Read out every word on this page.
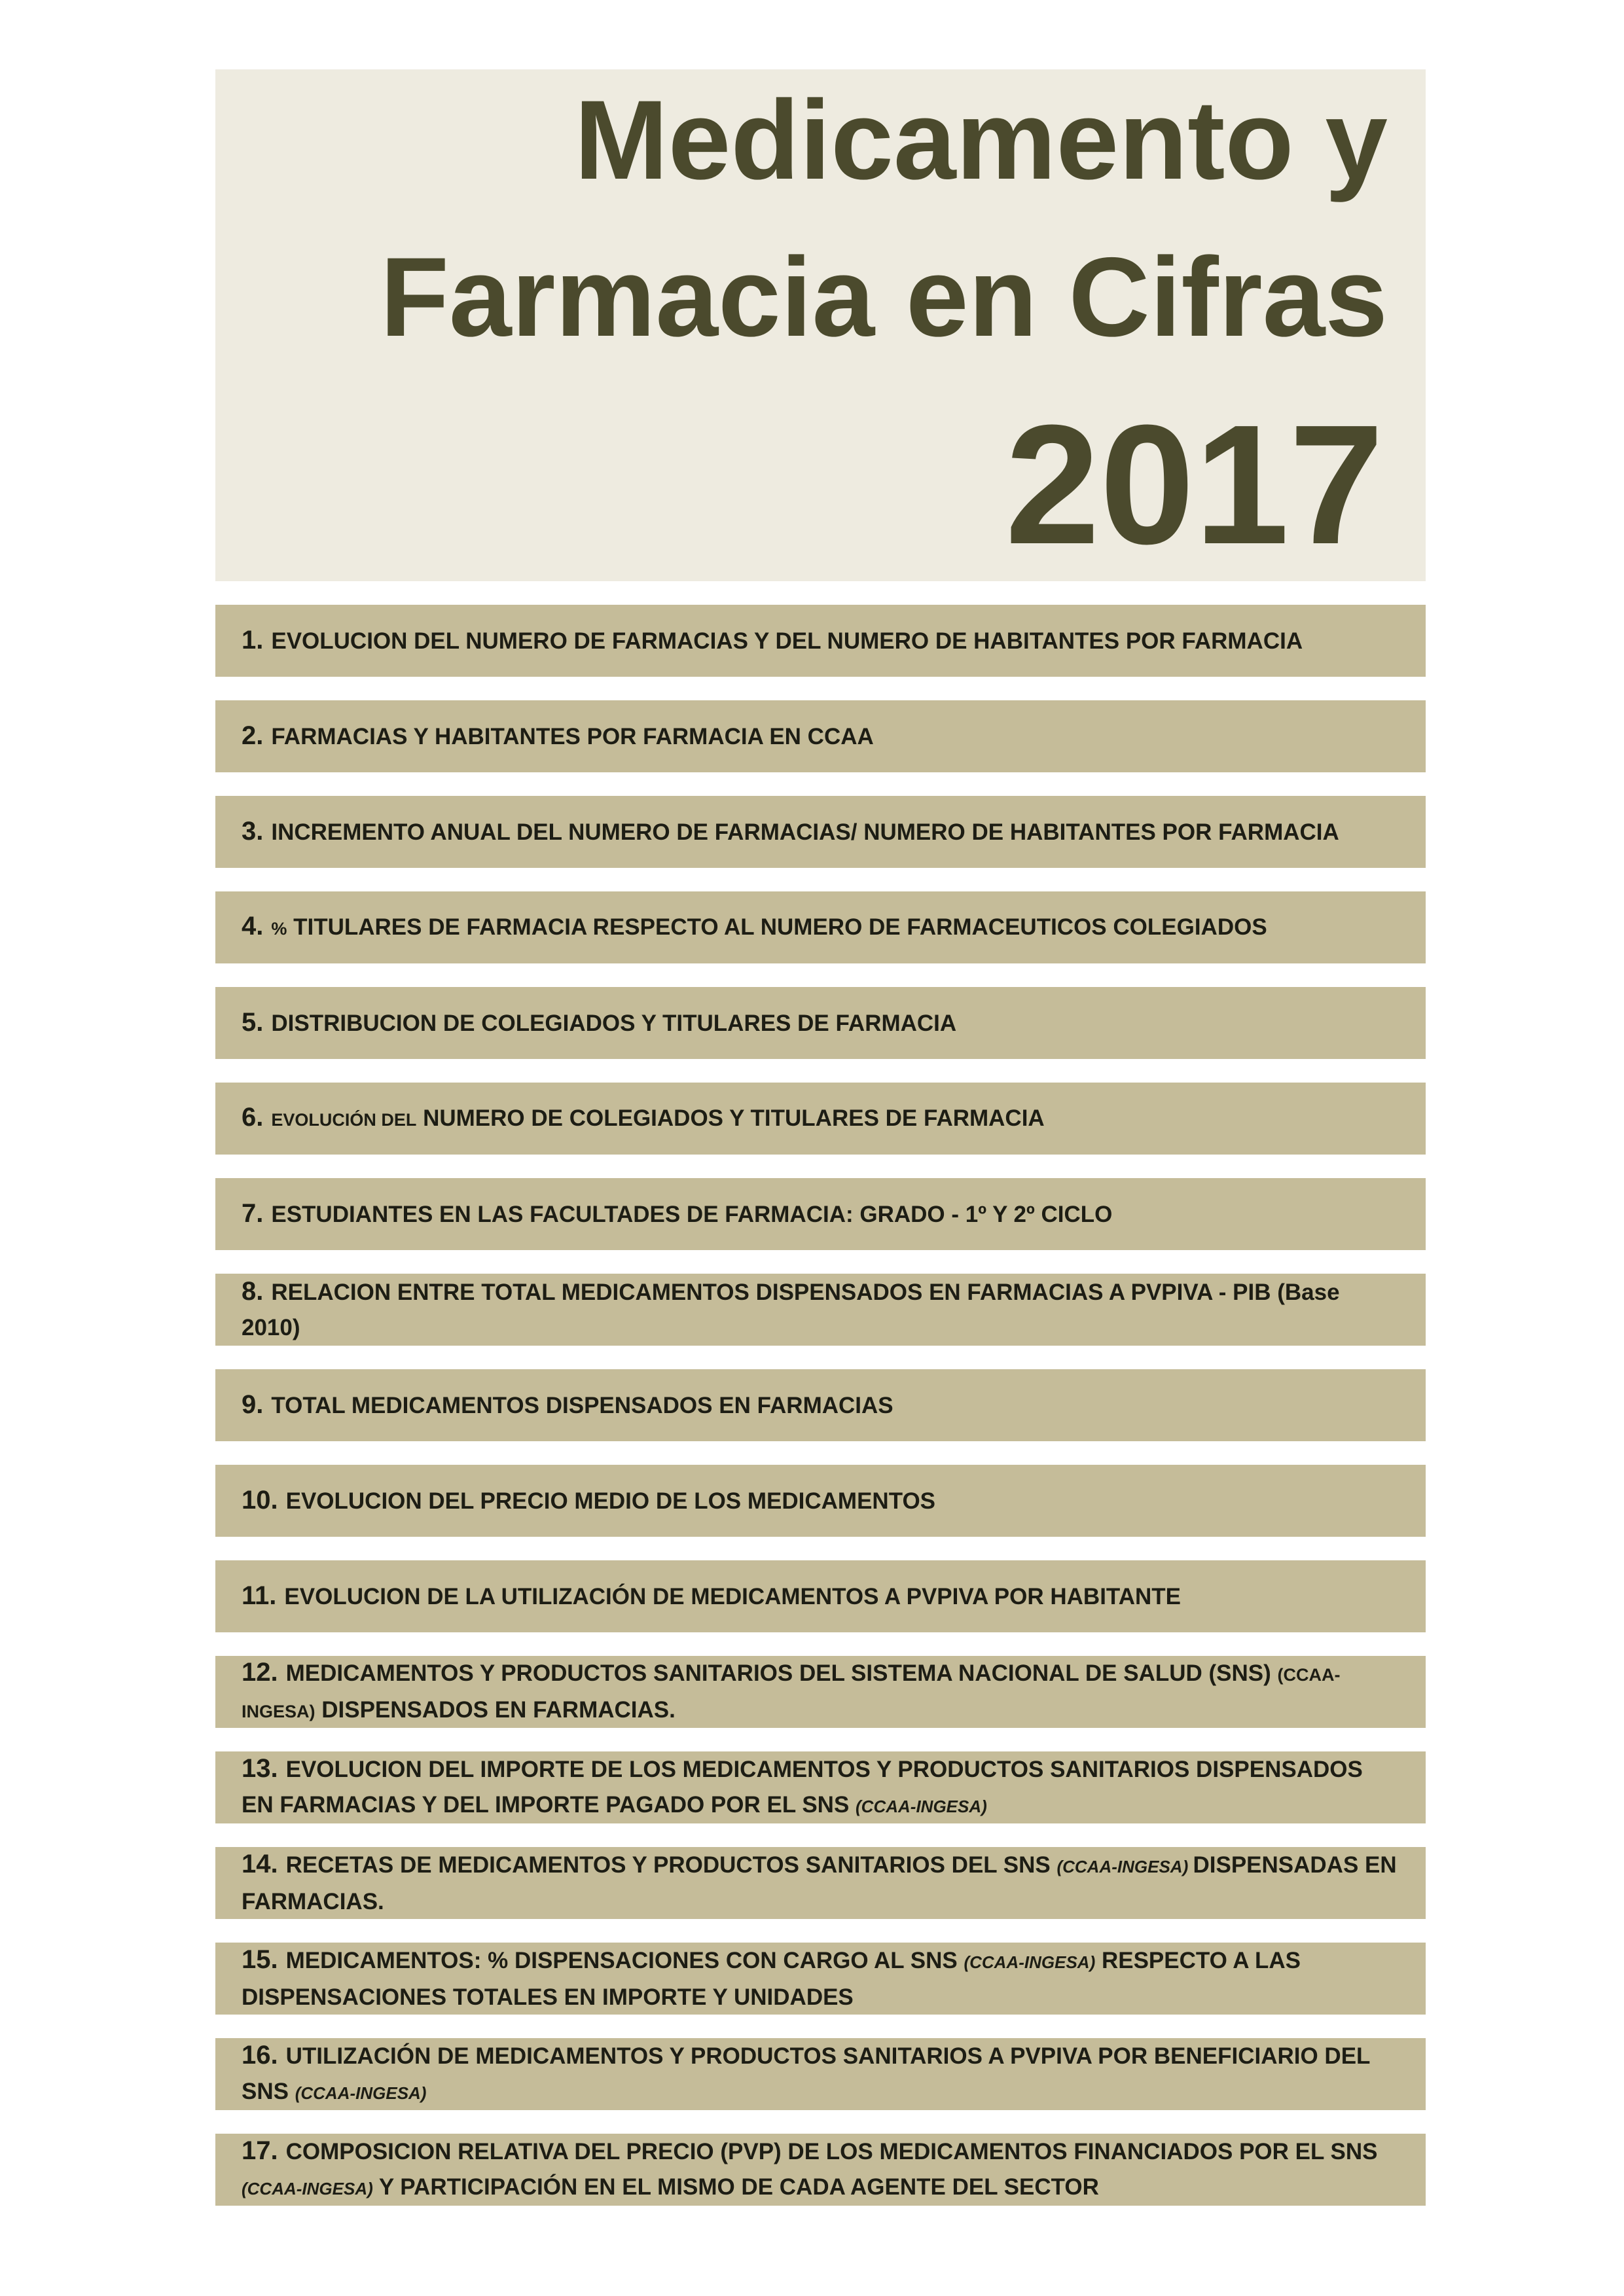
Medicamento y
Farmacia en Cifras
2017
1. EVOLUCION DEL NUMERO DE FARMACIAS Y DEL NUMERO DE HABITANTES POR FARMACIA
2. FARMACIAS Y HABITANTES POR FARMACIA EN CCAA
3. INCREMENTO ANUAL DEL NUMERO DE FARMACIAS/ NUMERO DE HABITANTES POR FARMACIA
4. % TITULARES DE FARMACIA RESPECTO AL NUMERO DE FARMACEUTICOS COLEGIADOS
5. DISTRIBUCION DE COLEGIADOS Y TITULARES DE FARMACIA
6. EVOLUCIÓN DEL NUMERO DE COLEGIADOS Y TITULARES DE FARMACIA
7. ESTUDIANTES EN LAS FACULTADES DE FARMACIA: GRADO - 1º Y 2º CICLO
8. RELACION ENTRE TOTAL MEDICAMENTOS DISPENSADOS EN FARMACIAS A PVPIVA - PIB (Base 2010)
9. TOTAL MEDICAMENTOS DISPENSADOS EN FARMACIAS
10. EVOLUCION DEL PRECIO MEDIO DE LOS MEDICAMENTOS
11. EVOLUCION DE LA UTILIZACIÓN DE MEDICAMENTOS A PVPIVA POR HABITANTE
12. MEDICAMENTOS Y PRODUCTOS SANITARIOS DEL SISTEMA NACIONAL DE SALUD (SNS) (CCAA-INGESA) DISPENSADOS EN FARMACIAS.
13. EVOLUCION DEL IMPORTE DE LOS MEDICAMENTOS Y PRODUCTOS SANITARIOS DISPENSADOS EN FARMACIAS Y DEL IMPORTE PAGADO POR EL SNS (CCAA-INGESA)
14. RECETAS DE MEDICAMENTOS Y PRODUCTOS SANITARIOS DEL SNS (CCAA-INGESA) DISPENSADAS EN FARMACIAS.
15. MEDICAMENTOS: % DISPENSACIONES CON CARGO AL SNS (CCAA-INGESA) RESPECTO A LAS DISPENSACIONES TOTALES EN IMPORTE Y UNIDADES
16. UTILIZACIÓN DE MEDICAMENTOS Y PRODUCTOS SANITARIOS A PVPIVA POR BENEFICIARIO DEL SNS (CCAA-INGESA)
17. COMPOSICION RELATIVA DEL PRECIO (PVP) DE LOS MEDICAMENTOS FINANCIADOS POR EL SNS (CCAA-INGESA) Y PARTICIPACIÓN EN EL MISMO DE CADA AGENTE DEL SECTOR
